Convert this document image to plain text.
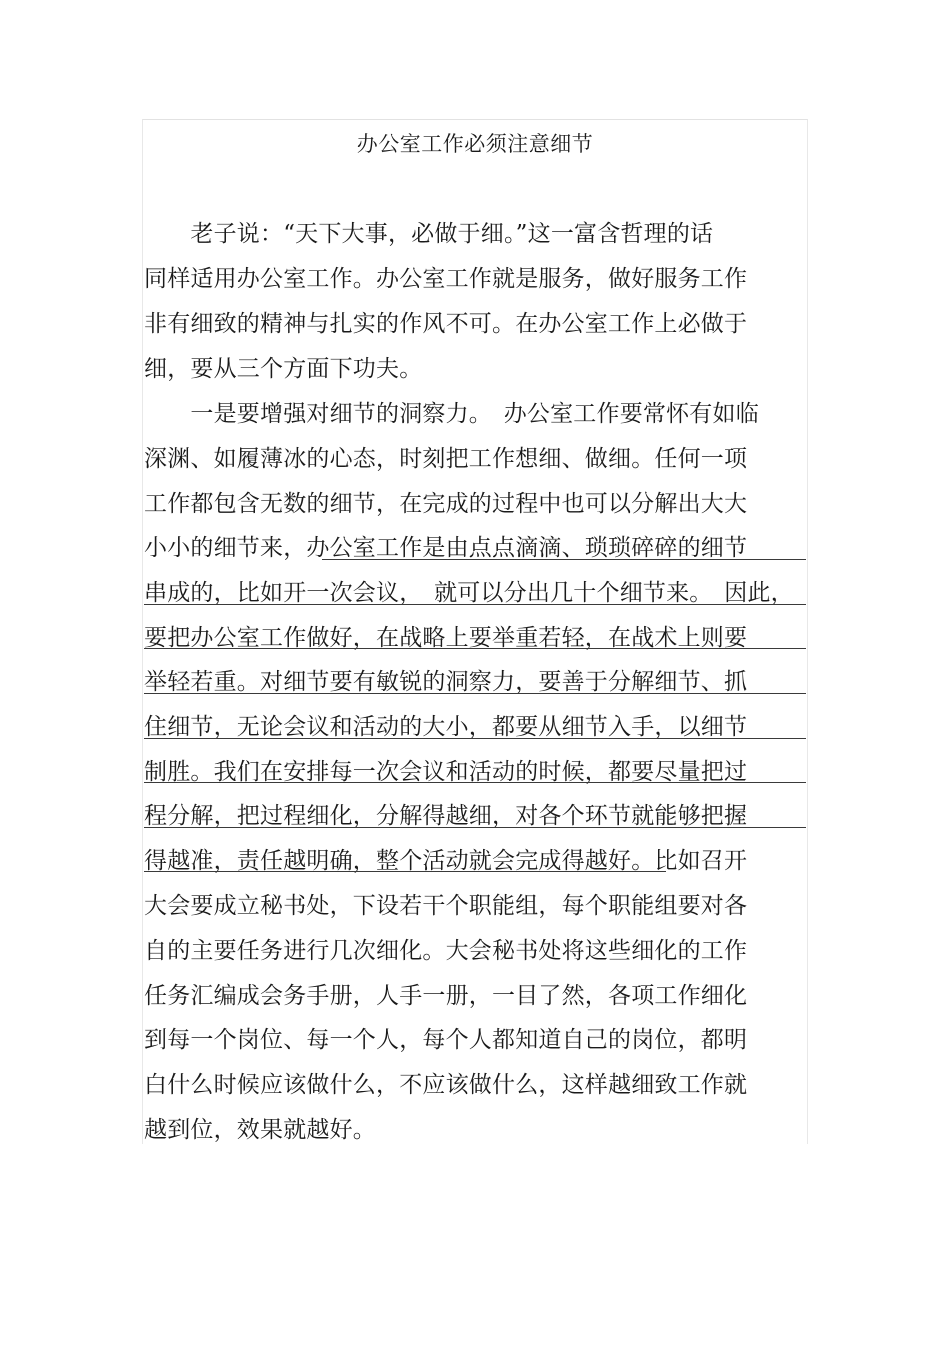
办公室工作必须注意细节
　　老子说：“天下大事，必做于细。”这一富含哲理的话
同样适用办公室工作。办公室工作就是服务，做好服务工作
非有细致的精神与扎实的作风不可。在办公室工作上必做于
细，要从三个方面下功夫。
　　一是要增强对细节的洞察力。　办公室工作要常怀有如临
深渊、如履薄冰的心态，时刻把工作想细、做细。任何一项
工作都包含无数的细节，在完成的过程中也可以分解出大大
小小的细节来，办公室工作是由点点滴滴、琐琐碎碎的细节
串成的，比如开一次会议，　就可以分出几十个细节来。　因此，
要把办公室工作做好，在战略上要举重若轻，在战术上则要
举轻若重。对细节要有敏锐的洞察力，要善于分解细节、抓
住细节，无论会议和活动的大小，都要从细节入手，以细节
制胜。我们在安排每一次会议和活动的时候，都要尽量把过
程分解，把过程细化，分解得越细，对各个环节就能够把握
得越准，责任越明确，整个活动就会完成得越好。比如召开
大会要成立秘书处，下设若干个职能组，每个职能组要对各
自的主要任务进行几次细化。大会秘书处将这些细化的工作
任务汇编成会务手册，人手一册，一目了然，各项工作细化
到每一个岗位、每一个人，每个人都知道自己的岗位，都明
白什么时候应该做什么，不应该做什么，这样越细致工作就
越到位，效果就越好。
